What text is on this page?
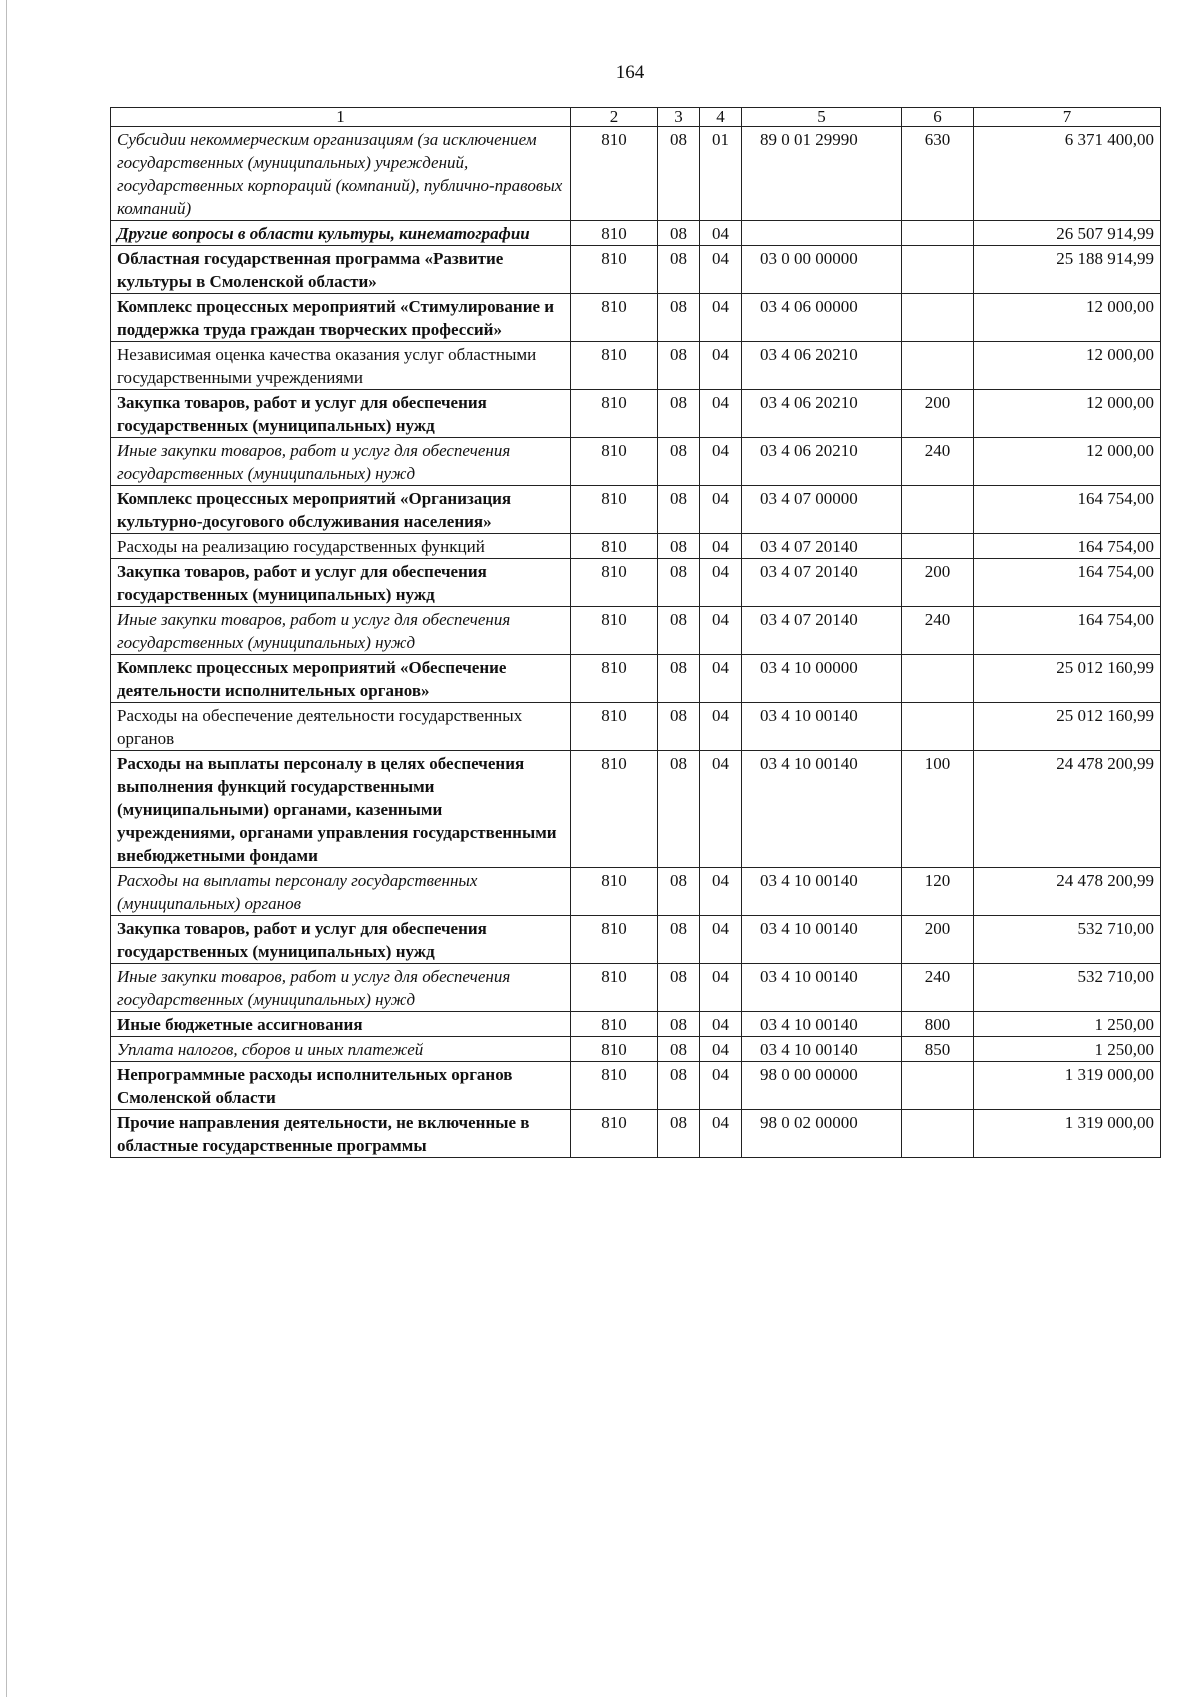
164
1	2	3	4	5	6	7
Субсидии некоммерческим организациям (за исключением государственных (муниципальных) учреждений, государственных корпораций (компаний), публично-правовых компаний)	810	08	01	89 0 01 29990	630	6 371 400,00
Другие вопросы в области культуры, кинематографии	810	08	04			26 507 914,99
Областная государственная программа «Развитие культуры в Смоленской области»	810	08	04	03 0 00 00000		25 188 914,99
Комплекс процессных мероприятий «Стимулирование и поддержка труда граждан творческих профессий»	810	08	04	03 4 06 00000		12 000,00
Независимая оценка качества оказания услуг областными государственными учреждениями	810	08	04	03 4 06 20210		12 000,00
Закупка товаров, работ и услуг для обеспечения государственных (муниципальных) нужд	810	08	04	03 4 06 20210	200	12 000,00
Иные закупки товаров, работ и услуг для обеспечения государственных (муниципальных) нужд	810	08	04	03 4 06 20210	240	12 000,00
Комплекс процессных мероприятий «Организация культурно-досугового обслуживания населения»	810	08	04	03 4 07 00000		164 754,00
Расходы на реализацию государственных функций	810	08	04	03 4 07 20140		164 754,00
Закупка товаров, работ и услуг для обеспечения государственных (муниципальных) нужд	810	08	04	03 4 07 20140	200	164 754,00
Иные закупки товаров, работ и услуг для обеспечения государственных (муниципальных) нужд	810	08	04	03 4 07 20140	240	164 754,00
Комплекс процессных мероприятий «Обеспечение деятельности исполнительных органов»	810	08	04	03 4 10 00000		25 012 160,99
Расходы на обеспечение деятельности государственных органов	810	08	04	03 4 10 00140		25 012 160,99
Расходы на выплаты персоналу в целях обеспечения выполнения функций государственными (муниципальными) органами, казенными учреждениями, органами управления государственными внебюджетными фондами	810	08	04	03 4 10 00140	100	24 478 200,99
Расходы на выплаты персоналу государственных (муниципальных) органов	810	08	04	03 4 10 00140	120	24 478 200,99
Закупка товаров, работ и услуг для обеспечения государственных (муниципальных) нужд	810	08	04	03 4 10 00140	200	532 710,00
Иные закупки товаров, работ и услуг для обеспечения государственных (муниципальных) нужд	810	08	04	03 4 10 00140	240	532 710,00
Иные бюджетные ассигнования	810	08	04	03 4 10 00140	800	1 250,00
Уплата налогов, сборов и иных платежей	810	08	04	03 4 10 00140	850	1 250,00
Непрограммные расходы исполнительных органов Смоленской области	810	08	04	98 0 00 00000		1 319 000,00
Прочие направления деятельности, не включенные в областные государственные программы	810	08	04	98 0 02 00000		1 319 000,00
